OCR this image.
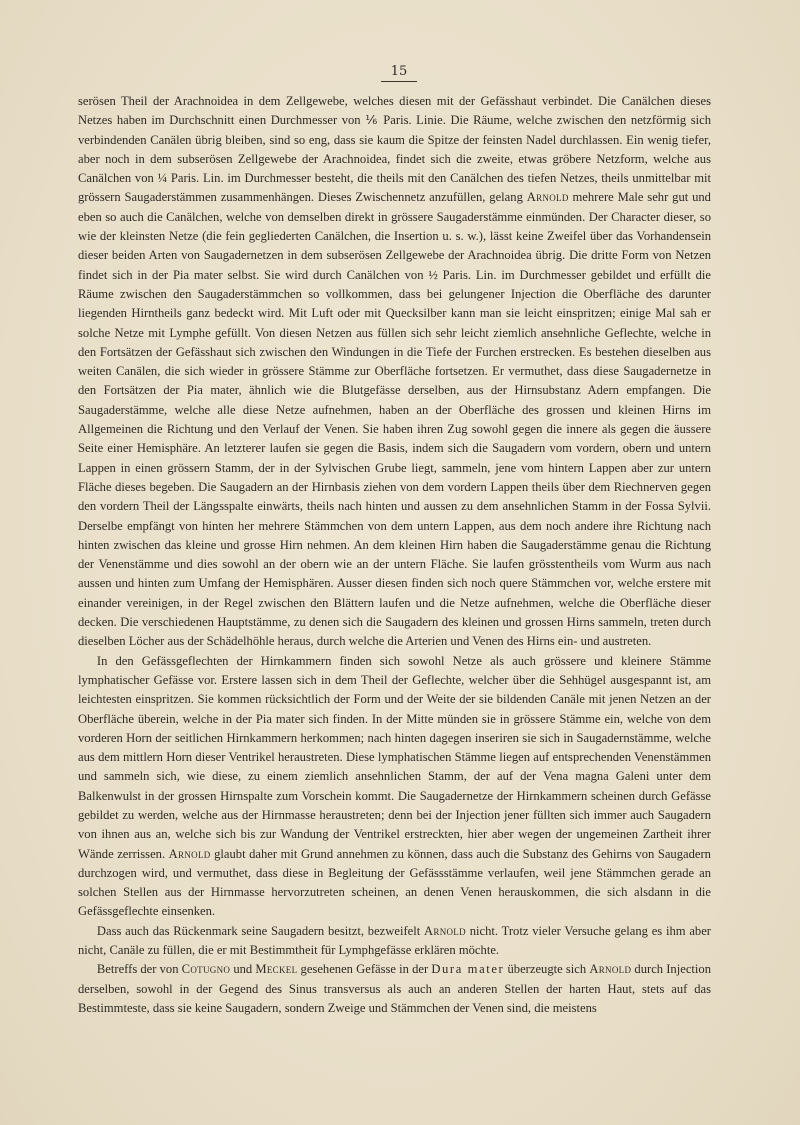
15

serösen Theil der Arachnoidea in dem Zellgewebe, welches diesen mit der Gefässhaut verbindet. Die Canälchen dieses Netzes haben im Durchschnitt einen Durchmesser von ⅙ Paris. Linie. Die Räume, welche zwischen den netzförmig sich verbindenden Canälen übrig bleiben, sind so eng, dass sie kaum die Spitze der feinsten Nadel durchlassen. Ein wenig tiefer, aber noch in dem subserösen Zellgewebe der Arachnoidea, findet sich die zweite, etwas gröbere Netzform, welche aus Canälchen von ¼ Paris. Lin. im Durchmesser besteht, die theils mit den Canälchen des tiefen Netzes, theils unmittelbar mit grössern Saugaderstämmen zusammenhängen. Dieses Zwischennetz anzufüllen, gelang Arnold mehrere Male sehr gut und eben so auch die Canälchen, welche von demselben direkt in grössere Saugaderstämme einmünden. Der Character dieser, so wie der kleinsten Netze (die fein gegliederten Canälchen, die Insertion u. s. w.), lässt keine Zweifel über das Vorhandensein dieser beiden Arten von Saugadernetzen in dem subserösen Zellgewebe der Arachnoidea übrig. Die dritte Form von Netzen findet sich in der Pia mater selbst. Sie wird durch Canälchen von ½ Paris. Lin. im Durchmesser gebildet und erfüllt die Räume zwischen den Saugaderstämmchen so vollkommen, dass bei gelungener Injection die Oberfläche des darunter liegenden Hirntheils ganz bedeckt wird. Mit Luft oder mit Quecksilber kann man sie leicht einspritzen; einige Mal sah er solche Netze mit Lymphe gefüllt. Von diesen Netzen aus füllen sich sehr leicht ziemlich ansehnliche Geflechte, welche in den Fortsätzen der Gefässhaut sich zwischen den Windungen in die Tiefe der Furchen erstrecken. Es bestehen dieselben aus weiten Canälen, die sich wieder in grössere Stämme zur Oberfläche fortsetzen. Er vermuthet, dass diese Saugadernetze in den Fortsätzen der Pia mater, ähnlich wie die Blutgefässe derselben, aus der Hirnsubstanz Adern empfangen. Die Saugaderstämme, welche alle diese Netze aufnehmen, haben an der Oberfläche des grossen und kleinen Hirns im Allgemeinen die Richtung und den Verlauf der Venen. Sie haben ihren Zug sowohl gegen die innere als gegen die äussere Seite einer Hemisphäre. An letzterer laufen sie gegen die Basis, indem sich die Saugadern vom vordern, obern und untern Lappen in einen grössern Stamm, der in der Sylvischen Grube liegt, sammeln, jene vom hintern Lappen aber zur untern Fläche dieses begeben. Die Saugadern an der Hirnbasis ziehen von dem vordern Lappen theils über dem Riechnerven gegen den vordern Theil der Längsspalte einwärts, theils nach hinten und aussen zu dem ansehnlichen Stamm in der Fossa Sylvii. Derselbe empfängt von hinten her mehrere Stämmchen von dem untern Lappen, aus dem noch andere ihre Richtung nach hinten zwischen das kleine und grosse Hirn nehmen. An dem kleinen Hirn haben die Saugaderstämme genau die Richtung der Venenstämme und dies sowohl an der obern wie an der untern Fläche. Sie laufen grösstentheils vom Wurm aus nach aussen und hinten zum Umfang der Hemisphären. Ausser diesen finden sich noch quere Stämmchen vor, welche erstere mit einander vereinigen, in der Regel zwischen den Blättern laufen und die Netze aufnehmen, welche die Oberfläche dieser decken. Die verschiedenen Hauptstämme, zu denen sich die Saugadern des kleinen und grossen Hirns sammeln, treten durch dieselben Löcher aus der Schädelhöhle heraus, durch welche die Arterien und Venen des Hirns ein- und austreten.

In den Gefässgeflechten der Hirnkammern finden sich sowohl Netze als auch grössere und kleinere Stämme lymphatischer Gefässe vor. Erstere lassen sich in dem Theil der Geflechte, welcher über die Sehhügel ausgespannt ist, am leichtesten einspritzen. Sie kommen rücksichtlich der Form und der Weite der sie bildenden Canäle mit jenen Netzen an der Oberfläche überein, welche in der Pia mater sich finden. In der Mitte münden sie in grössere Stämme ein, welche von dem vorderen Horn der seitlichen Hirnkammern herkommen; nach hinten dagegen inseriren sie sich in Saugadernstämme, welche aus dem mittlern Horn dieser Ventrikel heraustreten. Diese lymphatischen Stämme liegen auf entsprechenden Venenstämmen und sammeln sich, wie diese, zu einem ziemlich ansehnlichen Stamm, der auf der Vena magna Galeni unter dem Balkenwulst in der grossen Hirnspalte zum Vorschein kommt. Die Saugadernetze der Hirnkammern scheinen durch Gefässe gebildet zu werden, welche aus der Hirnmasse heraustreten; denn bei der Injection jener füllten sich immer auch Saugadern von ihnen aus an, welche sich bis zur Wandung der Ventrikel erstreckten, hier aber wegen der ungemeinen Zartheit ihrer Wände zerrissen. Arnold glaubt daher mit Grund annehmen zu können, dass auch die Substanz des Gehirns von Saugadern durchzogen wird, und vermuthet, dass diese in Begleitung der Gefässstämme verlaufen, weil jene Stämmchen gerade an solchen Stellen aus der Hirnmasse hervorzutreten scheinen, an denen Venen herauskommen, die sich alsdann in die Gefässgeflechte einsenken.

Dass auch das Rückenmark seine Saugadern besitzt, bezweifelt Arnold nicht. Trotz vieler Versuche gelang es ihm aber nicht, Canäle zu füllen, die er mit Bestimmtheit für Lymphgefässe erklären möchte.

Betreffs der von Cotugno und Meckel gesehenen Gefässe in der Dura mater überzeugte sich Arnold durch Injection derselben, sowohl in der Gegend des Sinus transversus als auch an anderen Stellen der harten Haut, stets auf das Bestimmteste, dass sie keine Saugadern, sondern Zweige und Stämmchen der Venen sind, die meistens
